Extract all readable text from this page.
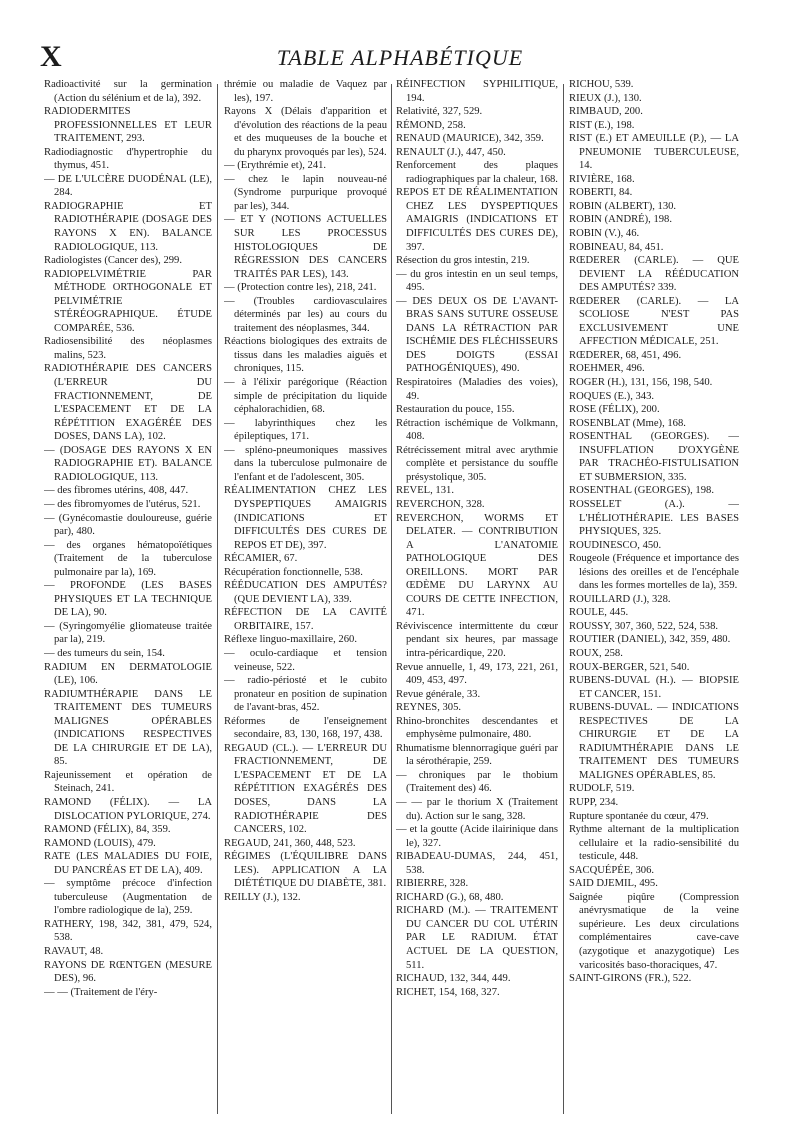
X	TABLE ALPHABÉTIQUE

Radioactivité sur la germination (Action du sélénium et de la), 392.

RADIODERMITES PROFESSIONNELLES ET LEUR TRAITEMENT, 293.

Radiodiagnostic d'hypertrophie du thymus, 451.

— DE L'ULCÈRE DUODÉNAL (LE), 284.

RADIOGRAPHIE ET RADIOTHÉRAPIE (DOSAGE DES RAYONS X EN). BALANCE RADIOLOGIQUE, 113.

Radiologistes (Cancer des), 299.

RADIOPELVIMÉTRIE PAR MÉTHODE ORTHOGONALE ET PELVIMÉTRIE STÉRÉOGRAPHIQUE. ÉTUDE COMPARÉE, 536.

Radiosensibilité des néoplasmes malins, 523.

RADIOTHÉRAPIE DES CANCERS (L'ERREUR DU FRACTIONNEMENT, DE L'ESPACEMENT ET DE LA RÉPÉTITION EXAGÉRÉE DES DOSES, DANS LA), 102.

— (DOSAGE DES RAYONS X EN RADIOGRAPHIE ET). BALANCE RADIOLOGIQUE, 113.

— des fibromes utérins, 408, 447.

— des fibromyomes de l'utérus, 521.

— (Gynécomastie douloureuse, guérie par), 480.

— des organes hématopoïétiques (Traitement de la tuberculose pulmonaire par la), 169.

— PROFONDE (LES BASES PHYSIQUES ET LA TECHNIQUE DE LA), 90.

— (Syringomyélie gliomateuse traitée par la), 219.

— des tumeurs du sein, 154.

RADIUM EN DERMATOLOGIE (LE), 106.

RADIUMTHÉRAPIE DANS LE TRAITEMENT DES TUMEURS MALIGNES OPÉRABLES (INDICATIONS RESPECTIVES DE LA CHIRURGIE ET DE LA), 85.

Rajeunissement et opération de Steinach, 241.

RAMOND (FÉLIX). — LA DISLOCATION PYLORIQUE, 274.

RAMOND (FÉLIX), 84, 359.

RAMOND (LOUIS), 479.

RATE (LES MALADIES DU FOIE, DU PANCRÉAS ET DE LA), 409.

— symptôme précoce d'infection tuberculeuse (Augmentation de l'ombre radiologique de la), 259.

RATHERY, 198, 342, 381, 479, 524, 538.

RAVAUT, 48.

RAYONS DE RŒNTGEN (MESURE DES), 96.

— — (Traitement de l'éry-

thrémie ou maladie de Vaquez par les), 197.

Rayons X (Délais d'apparition et d'évolution des réactions de la peau et des muqueuses de la bouche et du pharynx provoqués par les), 524.

— (Erythrémie et), 241.

— chez le lapin nouveau-né (Syndrome purpurique provoqué par les), 344.

— ET Y (NOTIONS ACTUELLES SUR LES PROCESSUS HISTOLOGIQUES DE RÉGRESSION DES CANCERS TRAITÉS PAR LES), 143.

— (Protection contre les), 218, 241.

— (Troubles cardiovasculaires déterminés par les) au cours du traitement des néoplasmes, 344.

Réactions biologiques des extraits de tissus dans les maladies aiguës et chroniques, 115.

— à l'élixir parégorique (Réaction simple de précipitation du liquide céphalorachidien, 68.

— labyrinthiques chez les épileptiques, 171.

— spléno-pneumoniques massives dans la tuberculose pulmonaire de l'enfant et de l'adolescent, 305.

RÉALIMENTATION CHEZ LES DYSPEPTIQUES AMAIGRIS (INDICATIONS ET DIFFICULTÉS DES CURES DE REPOS ET DE), 397.

RÉCAMIER, 67.

Récupération fonctionnelle, 538.

RÉÉDUCATION DES AMPUTÉS? (QUE DEVIENT LA), 339.

RÉFECTION DE LA CAVITÉ ORBITAIRE, 157.

Réflexe linguo-maxillaire, 260.

— oculo-cardiaque et tension veineuse, 522.

— radio-périosté et le cubito pronateur en position de supination de l'avant-bras, 452.

Réformes de l'enseignement secondaire, 83, 130, 168, 197, 438.

REGAUD (CL.). — L'ERREUR DU FRACTIONNEMENT, DE L'ESPACEMENT ET DE LA RÉPÉTITION EXAGÉRÉS DES DOSES, DANS LA RADIOTHÉRAPIE DES CANCERS, 102.

REGAUD, 241, 360, 448, 523.

RÉGIMES (L'ÉQUILIBRE DANS LES). APPLICATION A LA DIÉTÉTIQUE DU DIABÈTE, 381.

REILLY (J.), 132.

RÉINFECTION SYPHILITIQUE, 194.

Relativité, 327, 529.

RÉMOND, 258.

RENAUD (MAURICE), 342, 359.

RENAULT (J.), 447, 450.

Renforcement des plaques radiographiques par la chaleur, 168.

REPOS ET DE RÉALIMENTATION CHEZ LES DYSPEPTIQUES AMAIGRIS (INDICATIONS ET DIFFICULTÉS DES CURES DE), 397.

Résection du gros intestin, 219.

— du gros intestin en un seul temps, 495.

— DES DEUX OS DE L'AVANT-BRAS SANS SUTURE OSSEUSE DANS LA RÉTRACTION PAR ISCHÉMIE DES FLÉCHISSEURS DES DOIGTS (ESSAI PATHOGÉNIQUES), 490.

Respiratoires (Maladies des voies), 49.

Restauration du pouce, 155.

Rétraction ischémique de Volkmann, 408.

Rétrécissement mitral avec arythmie complète et persistance du souffle présystolique, 305.

REVEL, 131.

REVERCHON, 328.

REVERCHON, WORMS ET DELATER. — CONTRIBUTION A L'ANATOMIE PATHOLOGIQUE DES OREILLONS. MORT PAR ŒDÈME DU LARYNX AU COURS DE CETTE INFECTION, 471.

Réviviscence intermittente du cœur pendant six heures, par massage intra-péricardique, 220.

Revue annuelle, 1, 49, 173, 221, 261, 409, 453, 497.

Revue générale, 33.

REYNES, 305.

Rhino-bronchites descendantes et emphysème pulmonaire, 480.

Rhumatisme blennorragique guéri par la sérothérapie, 259.

— chroniques par le thobium (Traitement des) 46.

— — par le thorium X (Traitement du). Action sur le sang, 328.

— et la goutte (Acide ilairinique dans le), 327.

RIBADEAU-DUMAS, 244, 451, 538.

RIBIERRE, 328.

RICHARD (G.), 68, 480.

RICHARD (M.). — TRAITEMENT DU CANCER DU COL UTÉRIN PAR LE RADIUM. ÉTAT ACTUEL DE LA QUESTION, 511.

RICHAUD, 132, 344, 449.

RICHET, 154, 168, 327.

RICHOU, 539.

RIEUX (J.), 130.

RIMBAUD, 200.

RIST (E.), 198.

RIST (E.) ET AMEUILLE (P.), — LA PNEUMONIE TUBERCULEUSE, 14.

RIVIÈRE, 168.

ROBERTI, 84.

ROBIN (ALBERT), 130.

ROBIN (ANDRÉ), 198.

ROBIN (V.), 46.

ROBINEAU, 84, 451.

RŒDERER (CARLE). — QUE DEVIENT LA RÉÉDUCATION DES AMPUTÉS? 339.

RŒDERER (CARLE). — LA SCOLIOSE N'EST PAS EXCLUSIVEMENT UNE AFFECTION MÉDICALE, 251.

RŒDERER, 68, 451, 496.

ROEHMER, 496.

ROGER (H.), 131, 156, 198, 540.

ROQUES (E.), 343.

ROSE (FÉLIX), 200.

ROSENBLAT (Mme), 168.

ROSENTHAL (GEORGES). — INSUFFLATION D'OXYGÈNE PAR TRACHÉO-FISTULISATION ET SUBMERSION, 335.

ROSENTHAL (GEORGES), 198.

ROSSELET (A.). — L'HÉLIOTHÉRAPIE. LES BASES PHYSIQUES, 325.

ROUDINESCO, 450.

Rougeole (Fréquence et importance des lésions des oreilles et de l'encéphale dans les formes mortelles de la), 359.

ROUILLARD (J.), 328.

ROULE, 445.

ROUSSY, 307, 360, 522, 524, 538.

ROUTIER (DANIEL), 342, 359, 480.

ROUX, 258.

ROUX-BERGER, 521, 540.

RUBENS-DUVAL (H.). — BIOPSIE ET CANCER, 151.

RUBENS-DUVAL. — INDICATIONS RESPECTIVES DE LA CHIRURGIE ET DE LA RADIUMTHÉRAPIE DANS LE TRAITEMENT DES TUMEURS MALIGNES OPÉRABLES, 85.

RUDOLF, 519.

RUPP, 234.

Rupture spontanée du cœur, 479.

Rythme alternant de la multiplication cellulaire et la radio-sensibilité du testicule, 448.

SACQUÉPÉE, 306.

SAID DJEMIL, 495.

Saignée piqûre (Compression anévrysmatique de la veine supérieure. Les deux circulations complémentaires cave-cave (azygotique et anazygotique) Les varicosités baso-thoraciques, 47.

SAINT-GIRONS (FR.), 522.
